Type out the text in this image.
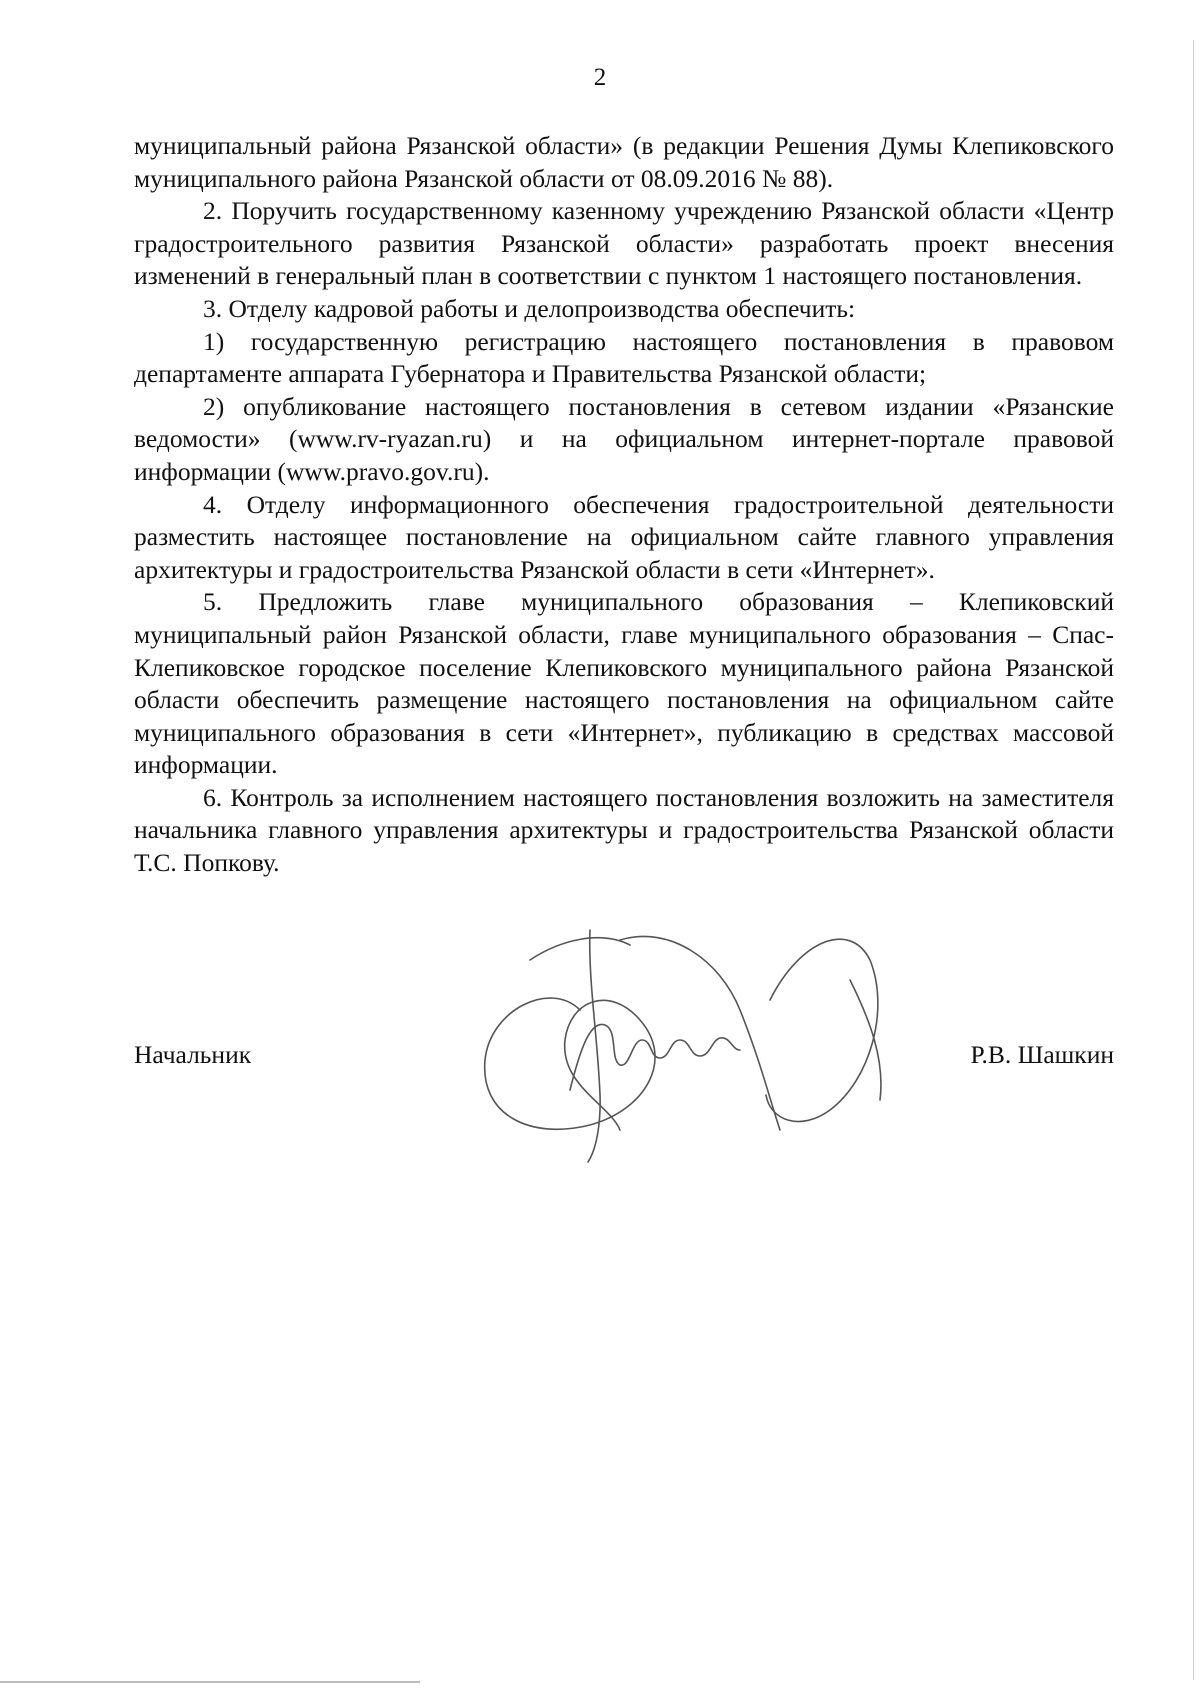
2

муниципальный района Рязанской области» (в редакции Решения Думы Клепиковского муниципального района Рязанской области от 08.09.2016 № 88).

2. Поручить государственному казенному учреждению Рязанской области «Центр градостроительного развития Рязанской области» разработать проект внесения изменений в генеральный план в соответствии с пунктом 1 настоящего постановления.

3. Отделу кадровой работы и делопроизводства обеспечить:

1) государственную регистрацию настоящего постановления в правовом департаменте аппарата Губернатора и Правительства Рязанской области;

2) опубликование настоящего постановления в сетевом издании «Рязанские ведомости» (www.rv-ryazan.ru) и на официальном интернет-портале правовой информации (www.pravo.gov.ru).

4. Отделу информационного обеспечения градостроительной деятельности разместить настоящее постановление на официальном сайте главного управления архитектуры и градостроительства Рязанской области в сети «Интернет».

5. Предложить главе муниципального образования – Клепиковский муниципальный район Рязанской области, главе муниципального образования – Спас-Клепиковское городское поселение Клепиковского муниципального района Рязанской области обеспечить размещение настоящего постановления на официальном сайте муниципального образования в сети «Интернет», публикацию в средствах массовой информации.

6. Контроль за исполнением настоящего постановления возложить на заместителя начальника главного управления архитектуры и градостроительства Рязанской области Т.С. Попкову.

Начальник	Р.В. Шашкин
